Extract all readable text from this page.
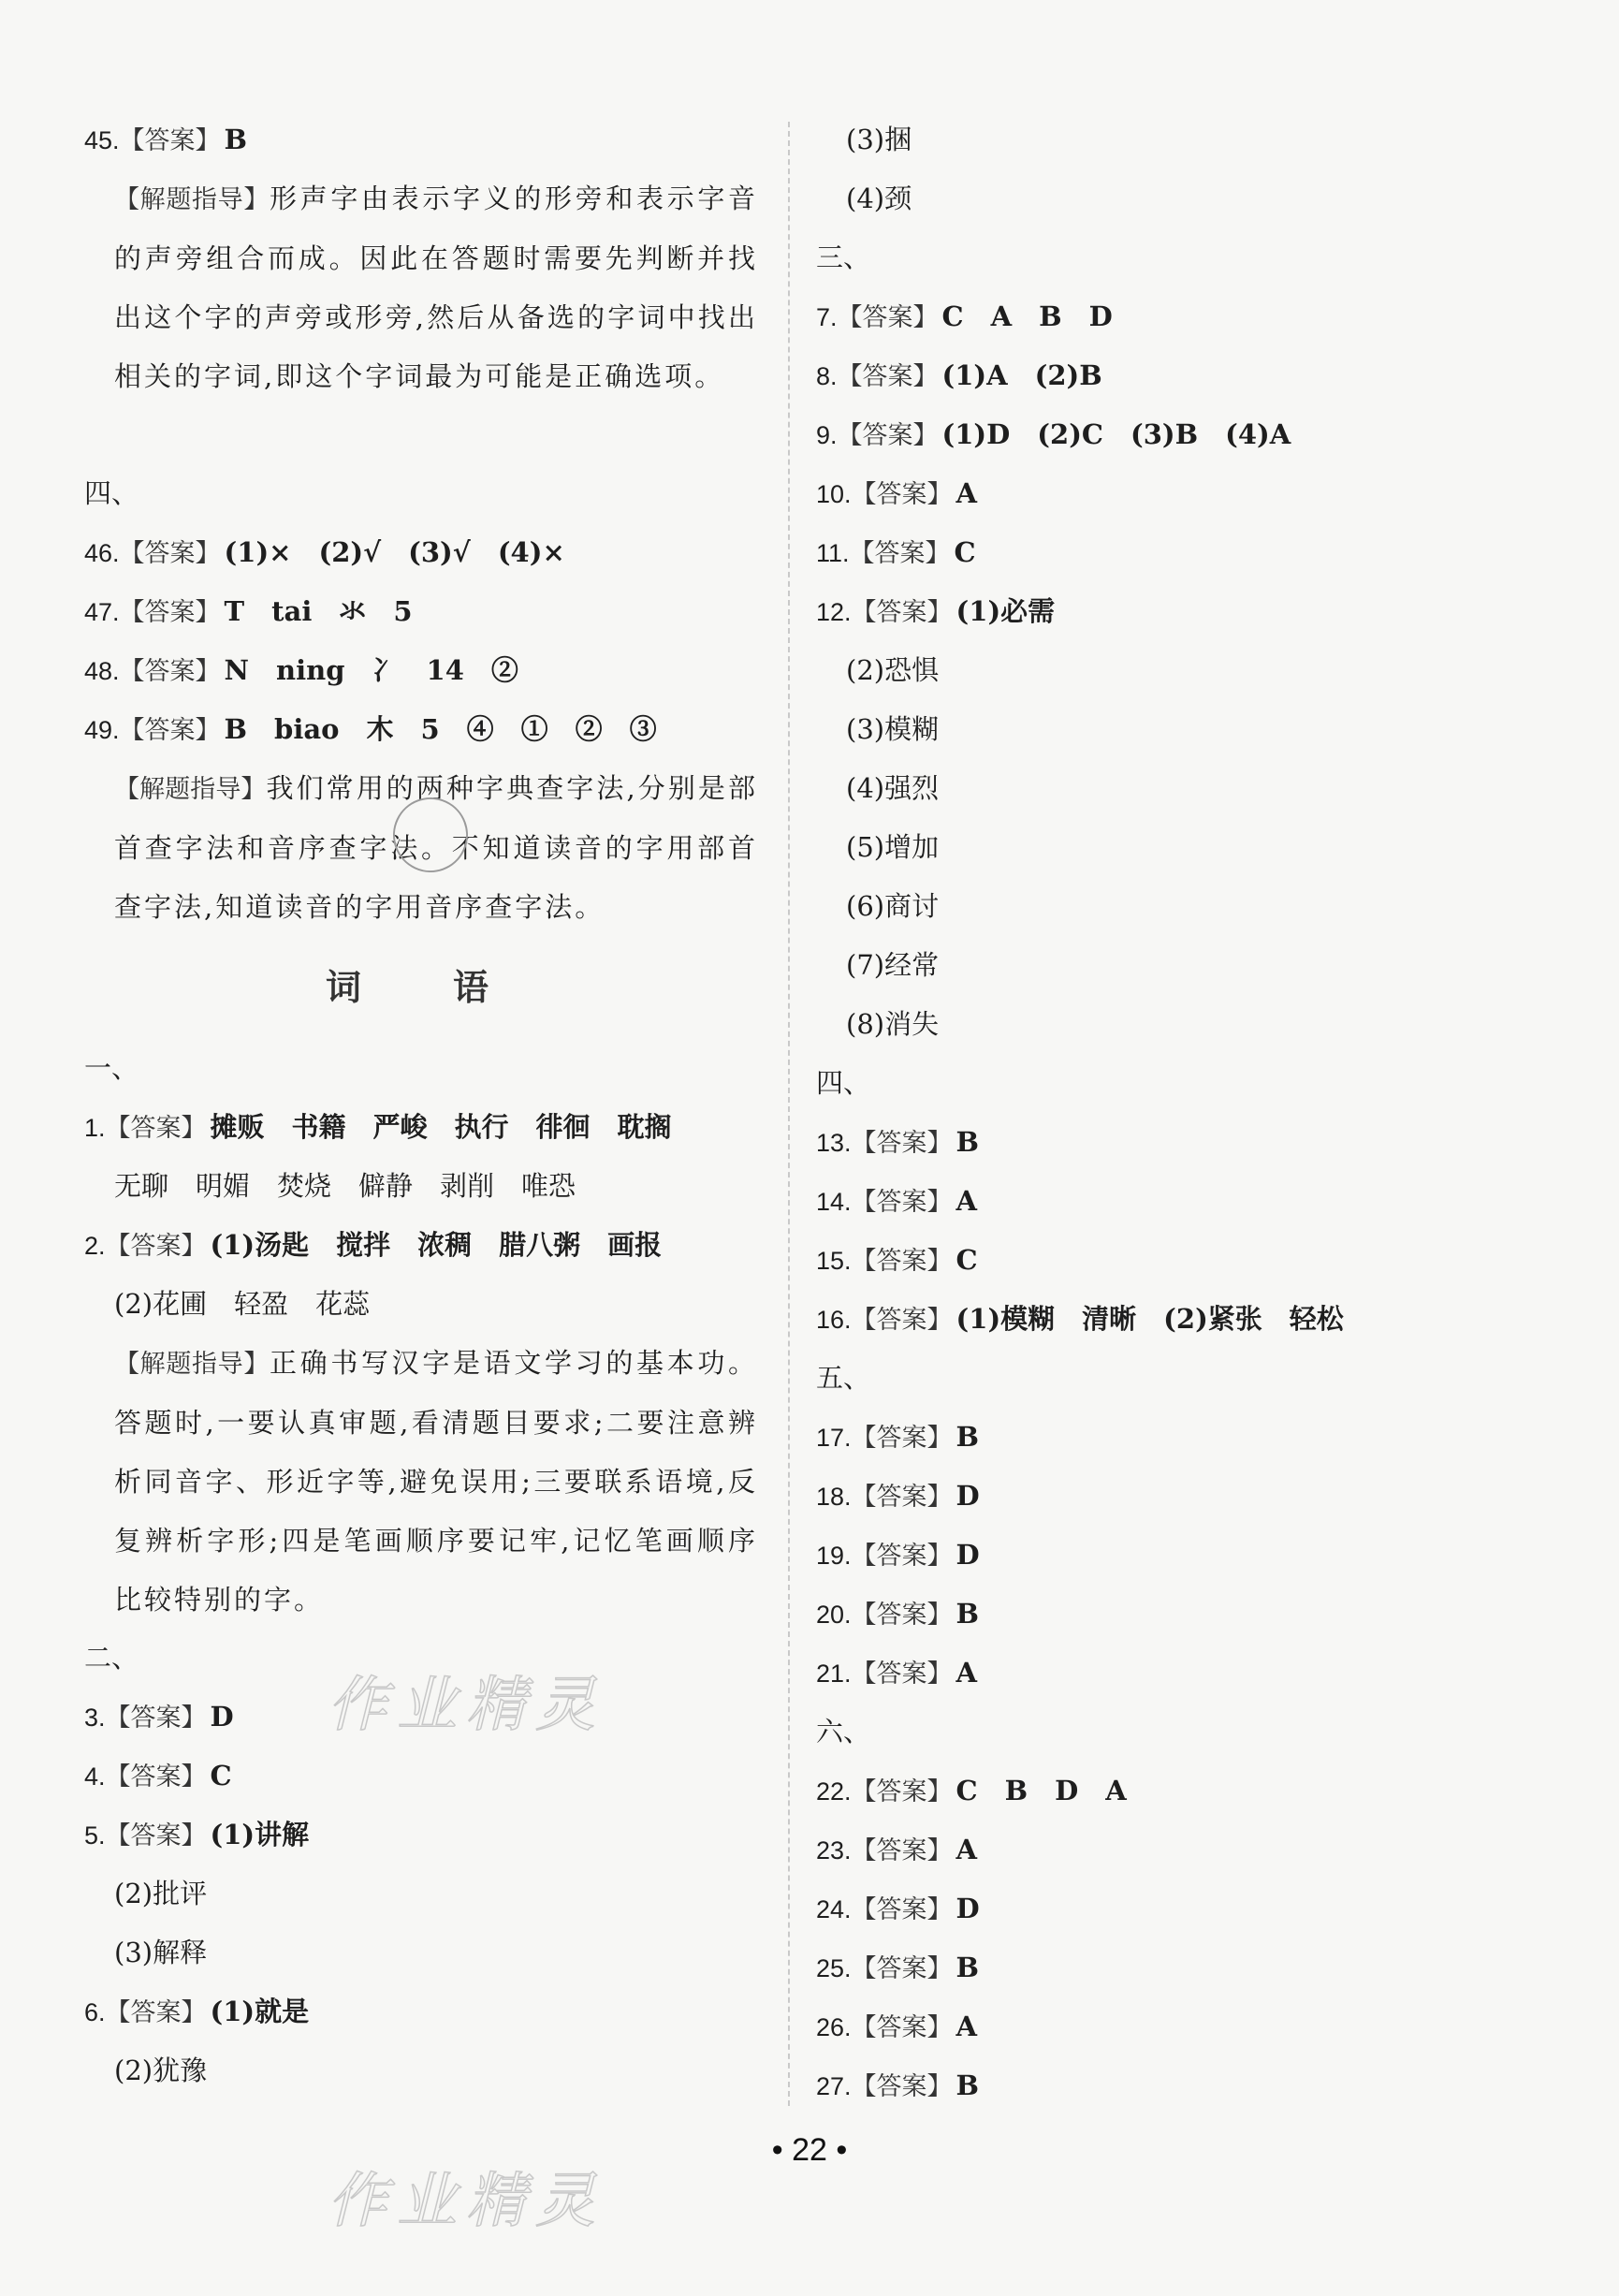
45.【答案】 B
【解题指导】形声字由表示字义的形旁和表示字音的声旁组合而成。因此在答题时需要先判断并找出这个字的声旁或形旁,然后从备选的字词中找出相关的字词,即这个字词最为可能是正确选项。
四、
46.【答案】 (1)×　(2)√　(3)√　(4)×
47.【答案】 T　tai　氺　5
48.【答案】 N　ning　冫　14　②
49.【答案】 B　biao　木　5　④　①　②　③
【解题指导】我们常用的两种字典查字法,分别是部首查字法和音序查字法。不知道读音的字用部首查字法,知道读音的字用音序查字法。
词　语
一、
1.【答案】 摊贩　书籍　严峻　执行　徘徊　耽搁
无聊　明媚　焚烧　僻静　剥削　唯恐
2.【答案】 (1)汤匙　搅拌　浓稠　腊八粥　画报
(2)花圃　轻盈　花蕊
【解题指导】正确书写汉字是语文学习的基本功。答题时,一要认真审题,看清题目要求;二要注意辨析同音字、形近字等,避免误用;三要联系语境,反复辨析字形;四是笔画顺序要记牢,记忆笔画顺序比较特别的字。
二、
3.【答案】 D
4.【答案】 C
5.【答案】 (1)讲解
(2)批评
(3)解释
6.【答案】 (1)就是
(2)犹豫
(3)捆
(4)颈
三、
7.【答案】 C　A　B　D
8.【答案】 (1)A　(2)B
9.【答案】 (1)D　(2)C　(3)B　(4)A
10.【答案】 A
11.【答案】 C
12.【答案】 (1)必需
(2)恐惧
(3)模糊
(4)强烈
(5)增加
(6)商讨
(7)经常
(8)消失
四、
13.【答案】 B
14.【答案】 A
15.【答案】 C
16.【答案】 (1)模糊　清晰　(2)紧张　轻松
五、
17.【答案】 B
18.【答案】 D
19.【答案】 D
20.【答案】 B
21.【答案】 A
六、
22.【答案】 C　B　D　A
23.【答案】 A
24.【答案】 D
25.【答案】 B
26.【答案】 A
27.【答案】 B
作业精灵
作业精灵
• 22 •
